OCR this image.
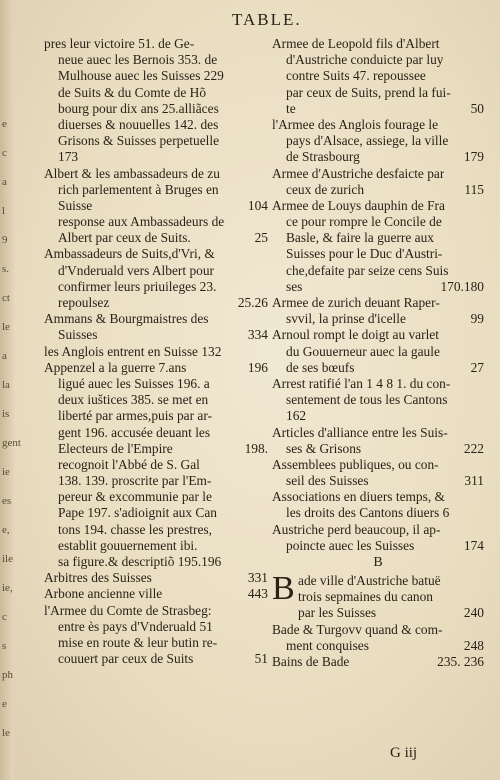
e
c
a
l
9
s.
ct
le
a
la
is
gent
ie
es
e,
ile
ie,
c
s
ph
e
le
TABLE.
pres leur victoire 51. de Ge-
neue auec les Bernois 353. de
Mulhouse auec les Suisses 229
de Suits & du Comte de Hõ
bourg pour dix ans 25.alliãces
diuerses & nouuelles 142. des
Grisons & Suisses perpetuelle
173
Albert & les ambassadeurs de zu
rich parlementent à Bruges en
Suisse	104
response aux Ambassadeurs de
Albert par ceux de Suits.	25
Ambassadeurs de Suits,d'Vri, &
d'Vnderuald vers Albert pour
confirmer leurs priuileges 23.
repoulsez	25.26
Ammans & Bourgmaistres des
Suisses	334
les Anglois entrent en Suisse 132
Appenzel a la guerre 7.ans	196
ligué auec les Suisses 196. a
deux iuštices 385. se met en
liberté par armes,puis par ar-
gent 196. accusée deuant les
Electeurs de l'Empire	198.
recognoit l'Abbé de S. Gal
138. 139. proscrite par l'Em-
pereur & excommunie par le
Pape 197. s'adioignit aux Can
tons 194. chasse les prestres,
establit gouuernement ibi.
sa figure.& descriptiõ 195.196
Arbitres des Suisses	331
Arbone ancienne ville	443
l'Armee du Comte de Strasbeg:
entre ès pays d'Vnderuald 51
mise en route & leur butin re-
couuert par ceux de Suits	51
Armee de Leopold fils d'Albert
d'Austriche conduicte par luy
contre Suits 47. repoussee
par ceux de Suits, prend la fui-
te	50
l'Armee des Anglois fourage le
pays d'Alsace, assiege, la ville
de Strasbourg	179
Armee d'Austriche desfaicte par
ceux de zurich	115
Armee de Louys dauphin de Fra
ce pour rompre le Concile de
Basle, & faire la guerre aux
Suisses pour le Duc d'Austri-
che,defaite par seize cens Suis
ses	170.180
Armee de zurich deuant Raper-
svvil, la prinse d'icelle	99
Arnoul rompt le doigt au varlet
du Gouuerneur auec la gaule
de ses bœufs	27
Arrest ratifié l'an 1 4 8 1. du con-
sentement de tous les Cantons
162
Articles d'alliance entre les Suis-
ses & Grisons	222
Assemblees publiques, ou con-
seil des Suisses	311
Associations en diuers temps, &
les droits des Cantons diuers 6
Austriche perd beaucoup, il ap-
poincte auec les Suisses	174
B
B ade ville d'Austriche batuë
trois sepmaines du canon
par les Suisses	240
Bade & Turgovv quand & com-
ment conquises	248
Bains de Bade	235. 236
G iij
